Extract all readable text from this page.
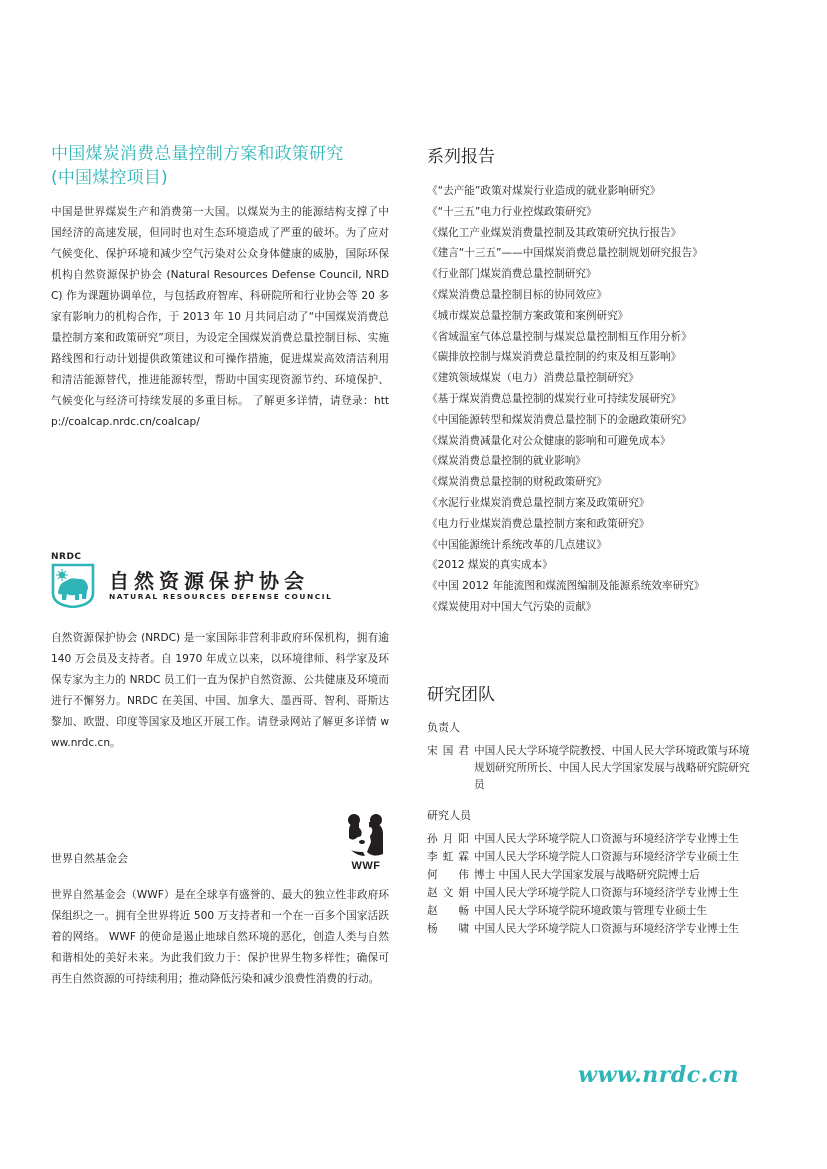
中国煤炭消费总量控制方案和政策研究
(中国煤控项目)

中国是世界煤炭生产和消费第一大国。以煤炭为主的能源结构支撑了中国经济的高速发展，但同时也对生态环境造成了严重的破坏。为了应对气候变化、保护环境和减少空气污染对公众身体健康的威胁，国际环保机构自然资源保护协会 (Natural Resources Defense Council, NRDC) 作为课题协调单位，与包括政府智库、科研院所和行业协会等 20 多家有影响力的机构合作，于 2013 年 10 月共同启动了“中国煤炭消费总量控制方案和政策研究”项目，为设定全国煤炭消费总量控制目标、实施路线图和行动计划提供政策建议和可操作措施，促进煤炭高效清洁利用和清洁能源替代，推进能源转型，帮助中国实现资源节约、环境保护、气候变化与经济可持续发展的多重目标。 了解更多详情，请登录：http://coalcap.nrdc.cn/coalcap/

NRDC
自然资源保护协会
NATURAL RESOURCES DEFENSE COUNCIL

自然资源保护协会 (NRDC) 是一家国际非营利非政府环保机构，拥有逾 140 万会员及支持者。自 1970 年成立以来，以环境律师、科学家及环保专家为主力的 NRDC 员工们一直为保护自然资源、公共健康及环境而进行不懈努力。NRDC 在美国、中国、加拿大、墨西哥、智利、哥斯达黎加、欧盟、印度等国家及地区开展工作。请登录网站了解更多详情 www.nrdc.cn。

WWF
世界自然基金会

世界自然基金会（WWF）是在全球享有盛誉的、最大的独立性非政府环保组织之一。拥有全世界将近 500 万支持者和一个在一百多个国家活跃着的网络。 WWF 的使命是遏止地球自然环境的恶化，创造人类与自然和谐相处的美好未来。为此我们致力于：保护世界生物多样性；确保可再生自然资源的可持续利用；推动降低污染和减少浪费性消费的行动。

系列报告
《“去产能”政策对煤炭行业造成的就业影响研究》
《“十三五”电力行业控煤政策研究》
《煤化工产业煤炭消费量控制及其政策研究执行报告》
《建言“十三五”——中国煤炭消费总量控制规划研究报告》
《行业部门煤炭消费总量控制研究》
《煤炭消费总量控制目标的协同效应》
《城市煤炭总量控制方案政策和案例研究》
《省域温室气体总量控制与煤炭总量控制相互作用分析》
《碳排放控制与煤炭消费总量控制的约束及相互影响》
《建筑领域煤炭（电力）消费总量控制研究》
《基于煤炭消费总量控制的煤炭行业可持续发展研究》
《中国能源转型和煤炭消费总量控制下的金融政策研究》
《煤炭消费减量化对公众健康的影响和可避免成本》
《煤炭消费总量控制的就业影响》
《煤炭消费总量控制的财税政策研究》
《水泥行业煤炭消费总量控制方案及政策研究》
《电力行业煤炭消费总量控制方案和政策研究》
《中国能源统计系统改革的几点建议》
《2012 煤炭的真实成本》
《中国 2012 年能流图和煤流图编制及能源系统效率研究》
《煤炭使用对中国大气污染的贡献》
研究团队
负责人
宋国君 中国人民大学环境学院教授、中国人民大学环境政策与环境规划研究所所长、中国人民大学国家发展与战略研究院研究员
研究人员
孙月阳 中国人民大学环境学院人口资源与环境经济学专业博士生
李虹霖 中国人民大学环境学院人口资源与环境经济学专业硕士生
何伟 博士 中国人民大学国家发展与战略研究院博士后
赵文娟 中国人民大学环境学院人口资源与环境经济学专业博士生
赵畅 中国人民大学环境学院环境政策与管理专业硕士生
杨啸 中国人民大学环境学院人口资源与环境经济学专业博士生
www.nrdc.cn
